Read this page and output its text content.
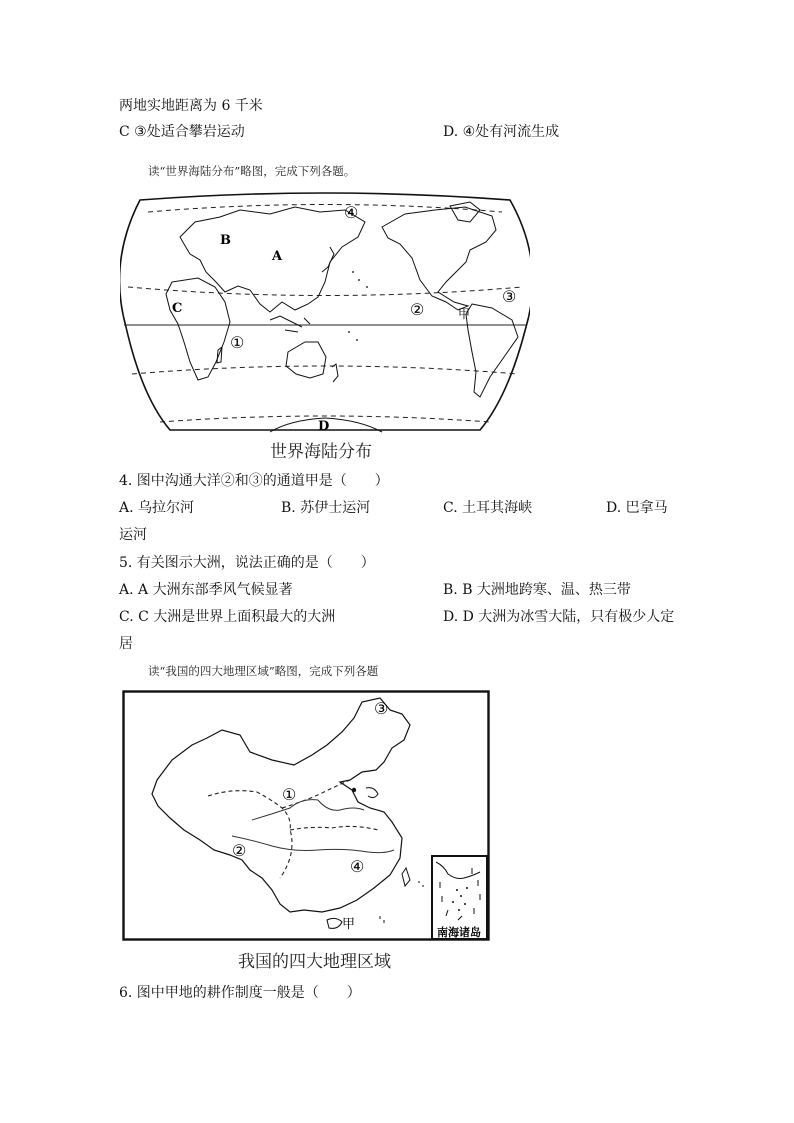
两地实地距离为 6 千米
C ③处适合攀岩运动	D. ④处有河流生成
读“世界海陆分布”略图，完成下列各题。
A
B
C
D
①
②
③
④
甲
世界海陆分布
4. 图中沟通大洋②和③的通道甲是（　　）
A. 乌拉尔河	B. 苏伊士运河	C. 土耳其海峡	D. 巴拿马
运河
5. 有关图示大洲，说法正确的是（　　）
A. A 大洲东部季风气候显著	B. B 大洲地跨寒、温、热三带
C. C 大洲是世界上面积最大的大洲	D. D 大洲为冰雪大陆，只有极少人定
居
读“我国的四大地理区域”略图，完成下列各题
南海诸岛
①
②
③
④
甲
我国的四大地理区域
6. 图中甲地的耕作制度一般是（　　）
